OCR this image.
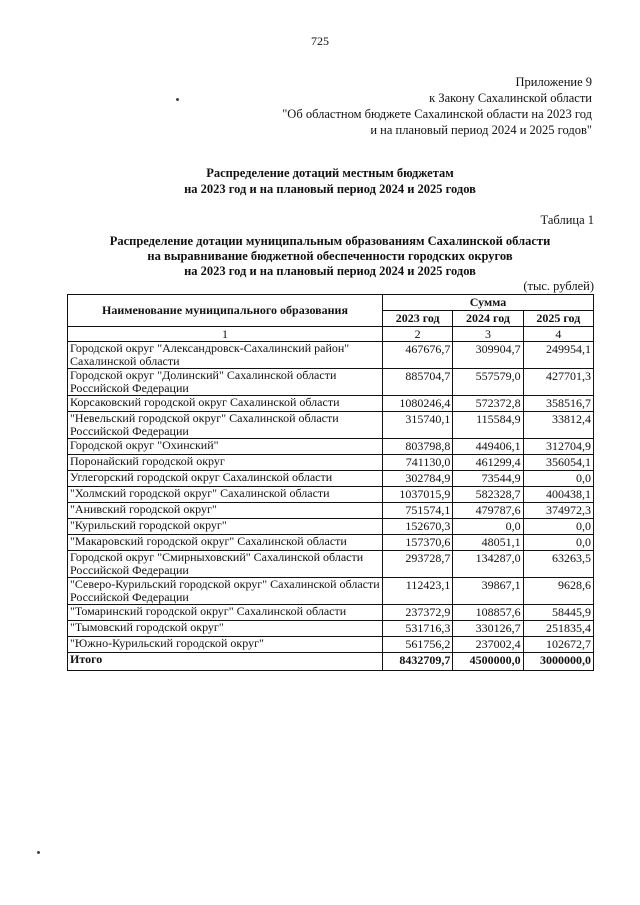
725
Приложение 9
к Закону Сахалинской области
"Об областном бюджете Сахалинской области на 2023 год
и на плановый период 2024 и 2025 годов"
Распределение дотаций местным бюджетам
на 2023 год и на плановый период 2024 и 2025 годов
Таблица 1
Распределение дотации муниципальным образованиям Сахалинской области
на выравнивание бюджетной обеспеченности городских округов
на 2023 год и на плановый период 2024 и 2025 годов
(тыс. рублей)
Наименование муниципального образования	Сумма		
	2023 год	2024 год	2025 год
1	2	3	4
Городской округ "Александровск-Сахалинский район" Сахалинской области	467676,7	309904,7	249954,1
Городской округ "Долинский" Сахалинской области Российской Федерации	885704,7	557579,0	427701,3
Корсаковский городской округ Сахалинской области	1080246,4	572372,8	358516,7
"Невельский городской округ" Сахалинской области Российской Федерации	315740,1	115584,9	33812,4
Городской округ "Охинский"	803798,8	449406,1	312704,9
Поронайский городской округ	741130,0	461299,4	356054,1
Углегорский городской округ Сахалинской области	302784,9	73544,9	0,0
"Холмский городской округ" Сахалинской области	1037015,9	582328,7	400438,1
"Анивский городской округ"	751574,1	479787,6	374972,3
"Курильский городской округ"	152670,3	0,0	0,0
"Макаровский городской округ" Сахалинской области	157370,6	48051,1	0,0
Городской округ "Смирныховский" Сахалинской области Российской Федерации	293728,7	134287,0	63263,5
"Северо-Курильский городской округ" Сахалинской области Российской Федерации	112423,1	39867,1	9628,6
"Томаринский городской округ" Сахалинской области	237372,9	108857,6	58445,9
"Тымовский городской округ"	531716,3	330126,7	251835,4
"Южно-Курильский городской округ"	561756,2	237002,4	102672,7
Итого	8432709,7	4500000,0	3000000,0
